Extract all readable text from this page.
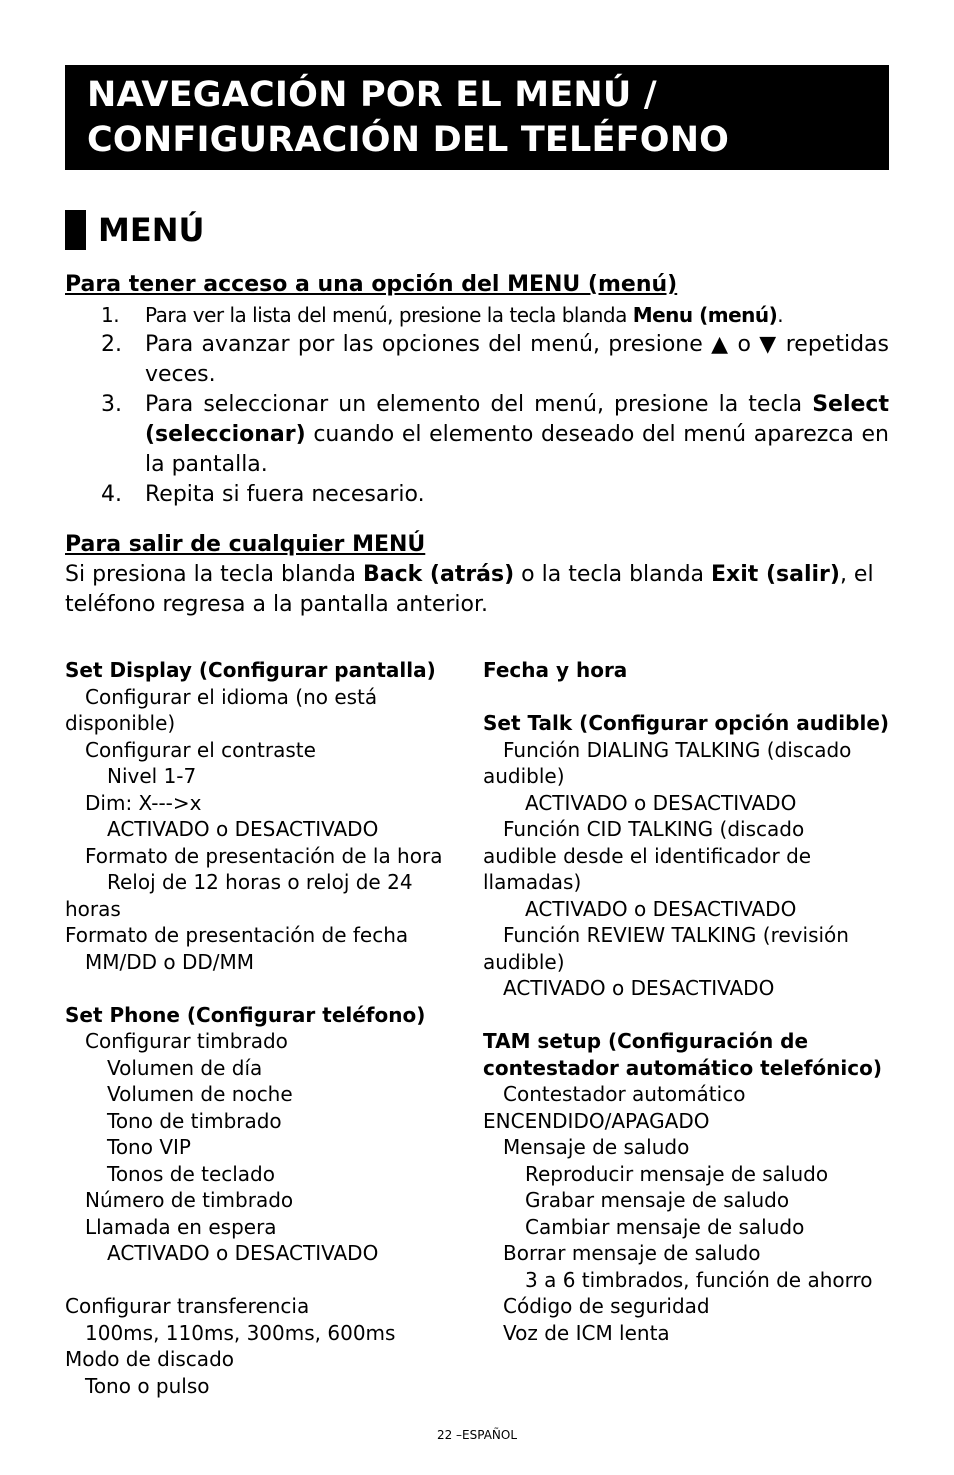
NAVEGACIÓN POR EL MENÚ /
CONFIGURACIÓN DEL TELÉFONO
MENÚ
Para tener acceso a una opción del MENU (menú)
1. Para ver la lista del menú, presione la tecla blanda Menu (menú).
2. Para avanzar por las opciones del menú, presione ▲ o ▼ repetidas veces.
3. Para seleccionar un elemento del menú, presione la tecla Select (seleccionar) cuando el elemento deseado del menú aparezca en la pantalla.
4. Repita si fuera necesario.
Para salir de cualquier MENÚ
Si presiona la tecla blanda Back (atrás) o la tecla blanda Exit (salir), el teléfono regresa a la pantalla anterior.
Set Display (Configurar pantalla)
Configurar el idioma (no está
disponible)
Configurar el contraste
Nivel 1-7
Dim: X--->x
ACTIVADO o DESACTIVADO
Formato de presentación de la hora
Reloj de 12 horas o reloj de 24
horas
Formato de presentación de fecha
MM/DD o DD/MM
Set Phone (Configurar teléfono)
Configurar timbrado
Volumen de día
Volumen de noche
Tono de timbrado
Tono VIP
Tonos de teclado
Número de timbrado
Llamada en espera
ACTIVADO o DESACTIVADO
Configurar transferencia
100ms, 110ms, 300ms, 600ms
Modo de discado
Tono o pulso
Fecha y hora
Set Talk (Configurar opción audible)
Función DIALING TALKING (discado
audible)
ACTIVADO o DESACTIVADO
Función CID TALKING (discado
audible desde el identificador de
llamadas)
ACTIVADO o DESACTIVADO
Función REVIEW TALKING (revisión
audible)
ACTIVADO o DESACTIVADO
TAM setup (Configuración de
contestador automático telefónico)
Contestador automático
ENCENDIDO/APAGADO
Mensaje de saludo
Reproducir mensaje de saludo
Grabar mensaje de saludo
Cambiar mensaje de saludo
Borrar mensaje de saludo
3 a 6 timbrados, función de ahorro
Código de seguridad
Voz de ICM lenta
22 –ESPAÑOL
